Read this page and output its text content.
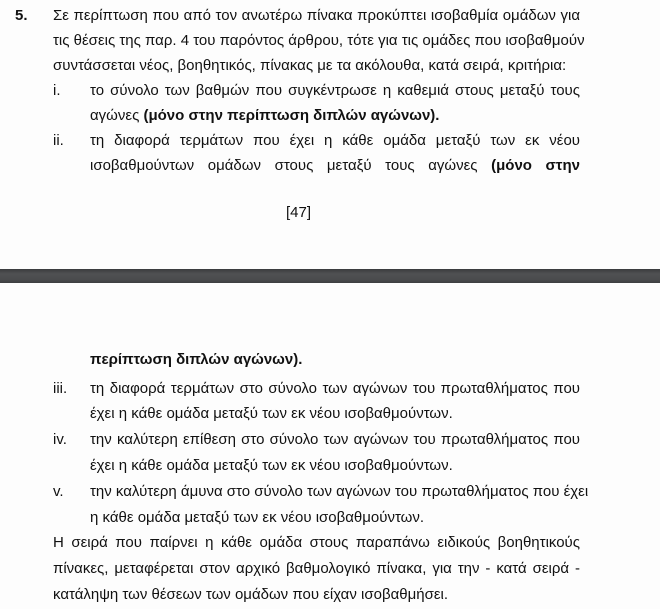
5. Σε περίπτωση που από τον ανωτέρω πίνακα προκύπτει ισοβαθμία ομάδων για
τις θέσεις της παρ. 4 του παρόντος άρθρου, τότε για τις ομάδες που ισοβαθμούν
συντάσσεται νέος, βοηθητικός, πίνακας με τα ακόλουθα, κατά σειρά, κριτήρια:
i. το σύνολο των βαθμών που συγκέντρωσε η καθεμιά στους μεταξύ τους
αγώνες (μόνο στην περίπτωση διπλών αγώνων).
ii. τη διαφορά τερμάτων που έχει η κάθε ομάδα μεταξύ των εκ νέου
ισοβαθμούντων ομάδων στους μεταξύ τους αγώνες (μόνο στην
[47]
περίπτωση διπλών αγώνων).
iii. τη διαφορά τερμάτων στο σύνολο των αγώνων του πρωταθλήματος που
έχει η κάθε ομάδα μεταξύ των εκ νέου ισοβαθμούντων.
iv. την καλύτερη επίθεση στο σύνολο των αγώνων του πρωταθλήματος που
έχει η κάθε ομάδα μεταξύ των εκ νέου ισοβαθμούντων.
v. την καλύτερη άμυνα στο σύνολο των αγώνων του πρωταθλήματος που έχει
η κάθε ομάδα μεταξύ των εκ νέου ισοβαθμούντων.
Η σειρά που παίρνει η κάθε ομάδα στους παραπάνω ειδικούς βοηθητικούς
πίνακες, μεταφέρεται στον αρχικό βαθμολογικό πίνακα, για την - κατά σειρά -
κατάληψη των θέσεων των ομάδων που είχαν ισοβαθμήσει.
